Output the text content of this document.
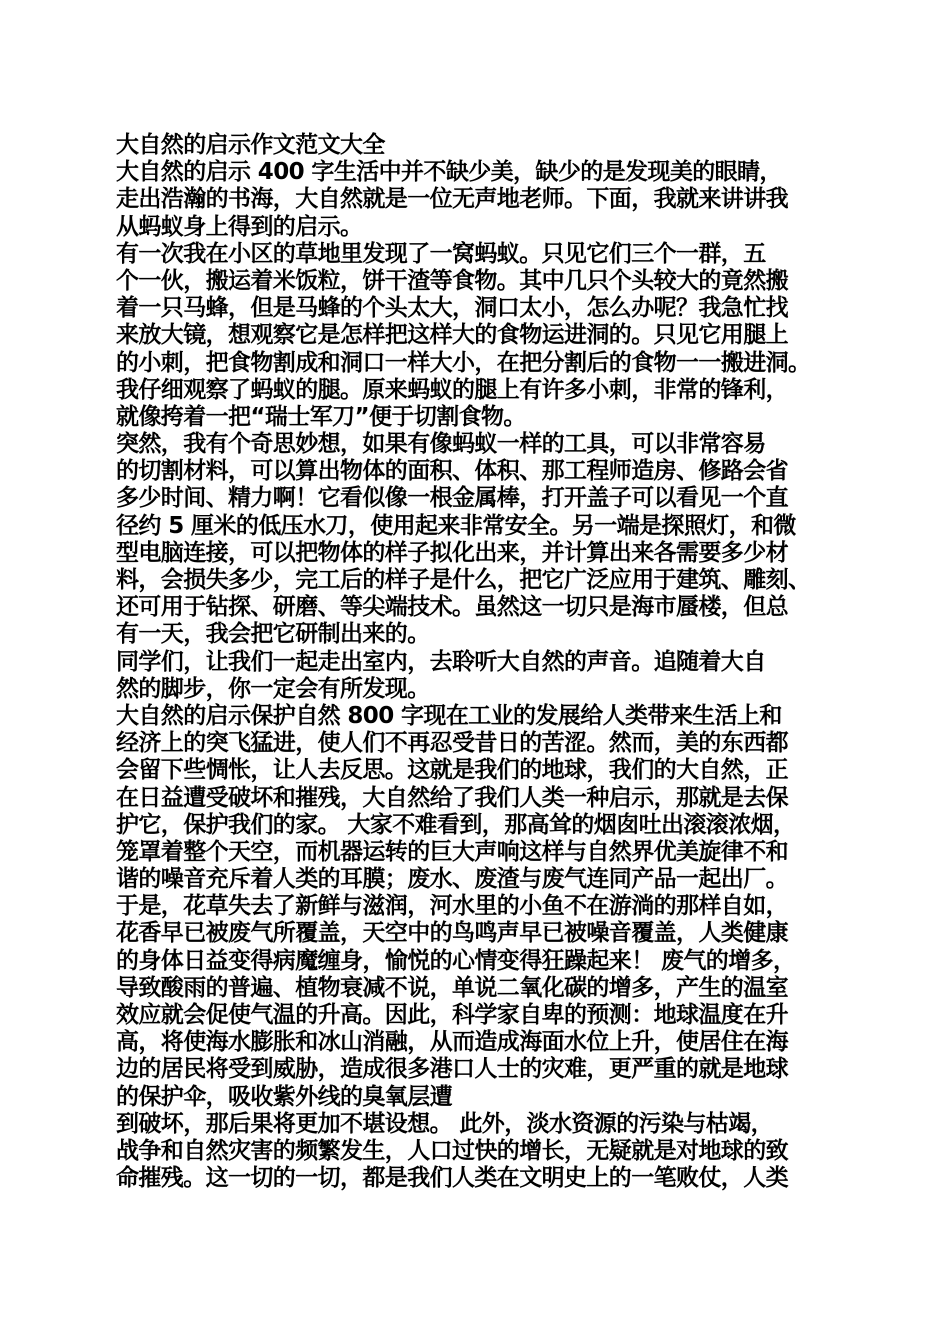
大自然的启示作文范文大全
大自然的启示 400 字生活中并不缺少美，缺少的是发现美的眼睛，
走出浩瀚的书海，大自然就是一位无声地老师。下面，我就来讲讲我
从蚂蚁身上得到的启示。
有一次我在小区的草地里发现了一窝蚂蚁。只见它们三个一群，五
个一伙，搬运着米饭粒，饼干渣等食物。其中几只个头较大的竟然搬
着一只马蜂，但是马蜂的个头太大，洞口太小，怎么办呢？我急忙找
来放大镜，想观察它是怎样把这样大的食物运进洞的。只见它用腿上
的小刺，把食物割成和洞口一样大小，在把分割后的食物一一搬进洞。
我仔细观察了蚂蚁的腿。原来蚂蚁的腿上有许多小刺，非常的锋利，
就像挎着一把“瑞士军刀”便于切割食物。
突然，我有个奇思妙想，如果有像蚂蚁一样的工具，可以非常容易
的切割材料，可以算出物体的面积、体积、那工程师造房、修路会省
多少时间、精力啊！它看似像一根金属棒，打开盖子可以看见一个直
径约 5 厘米的低压水刀，使用起来非常安全。另一端是探照灯，和微
型电脑连接，可以把物体的样子拟化出来，并计算出来各需要多少材
料，会损失多少，完工后的样子是什么，把它广泛应用于建筑、雕刻、
还可用于钻探、研磨、等尖端技术。虽然这一切只是海市蜃楼，但总
有一天，我会把它研制出来的。
同学们，让我们一起走出室内，去聆听大自然的声音。追随着大自
然的脚步，你一定会有所发现。
大自然的启示保护自然 800 字现在工业的发展给人类带来生活上和
经济上的突飞猛进，使人们不再忍受昔日的苦涩。然而，美的东西都
会留下些惆怅，让人去反思。这就是我们的地球，我们的大自然，正
在日益遭受破坏和摧残，大自然给了我们人类一种启示，那就是去保
护它，保护我们的家。 大家不难看到，那高耸的烟囱吐出滚滚浓烟，
笼罩着整个天空，而机器运转的巨大声响这样与自然界优美旋律不和
谐的噪音充斥着人类的耳膜；废水、废渣与废气连同产品一起出厂。
于是，花草失去了新鲜与滋润，河水里的小鱼不在游淌的那样自如，
花香早已被废气所覆盖，天空中的鸟鸣声早已被噪音覆盖，人类健康
的身体日益变得病魔缠身，愉悦的心情变得狂躁起来！ 废气的增多，
导致酸雨的普遍、植物衰减不说，单说二氧化碳的增多，产生的温室
效应就会促使气温的升高。因此，科学家自卑的预测：地球温度在升
高，将使海水膨胀和冰山消融，从而造成海面水位上升，使居住在海
边的居民将受到威胁，造成很多港口人士的灾难，更严重的就是地球
的保护伞，吸收紫外线的臭氧层遭
到破坏，那后果将更加不堪设想。 此外，淡水资源的污染与枯竭，
战争和自然灾害的频繁发生，人口过快的增长，无疑就是对地球的致
命摧残。这一切的一切，都是我们人类在文明史上的一笔败仗，人类
